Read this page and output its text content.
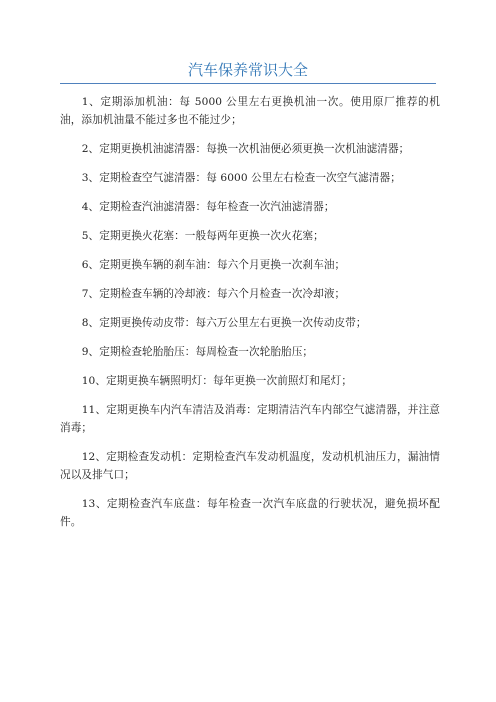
汽车保养常识大全

1、定期添加机油：每 5000 公里左右更换机油一次。使用原厂推荐的机油，添加机油量不能过多也不能过少；

2、定期更换机油滤清器：每换一次机油便必须更换一次机油滤清器；

3、定期检查空气滤清器：每 6000 公里左右检查一次空气滤清器；

4、定期检查汽油滤清器：每年检查一次汽油滤清器；

5、定期更换火花塞：一般每两年更换一次火花塞；

6、定期更换车辆的刹车油：每六个月更换一次刹车油；

7、定期检查车辆的冷却液：每六个月检查一次冷却液；

8、定期更换传动皮带：每六万公里左右更换一次传动皮带；

9、定期检查轮胎胎压：每周检查一次轮胎胎压；

10、定期更换车辆照明灯：每年更换一次前照灯和尾灯；

11、定期更换车内汽车清洁及消毒：定期清洁汽车内部空气滤清器，并注意消毒；

12、定期检查发动机：定期检查汽车发动机温度，发动机机油压力，漏油情况以及排气口；

13、定期检查汽车底盘：每年检查一次汽车底盘的行驶状况，避免损坏配件。
